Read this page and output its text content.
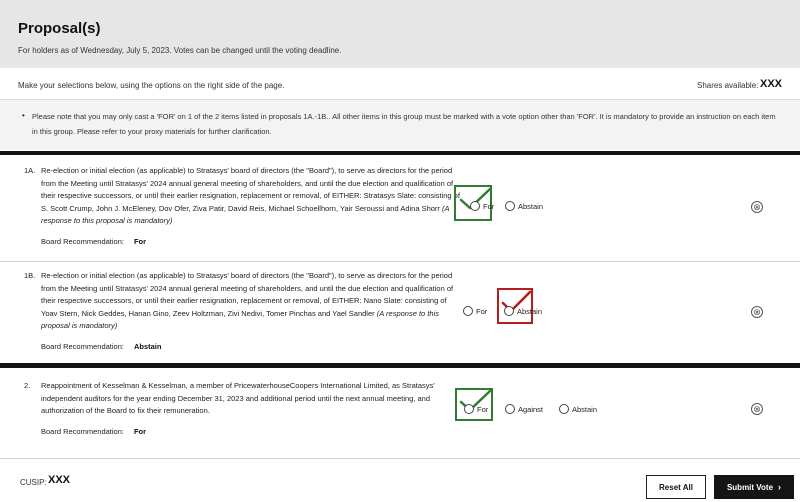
Proposal(s)
For holders as of Wednesday, July 5, 2023. Votes can be changed until the voting deadline.
Make your selections below, using the options on the right side of the page.	Shares available: XXX
• Please note that you may only cast a 'FOR' on 1 of the 2 items listed in proposals 1A.-1B.. All other items in this group must be marked with a vote option other than 'FOR'. It is mandatory to provide an instruction on each item in this group. Please refer to your proxy materials for further clarification.
1A. Re-election or initial election (as applicable) to Stratasys' board of directors (the "Board"), to serve as directors for the period from the Meeting until Stratasys' 2024 annual general meeting of shareholders, and until the due election and qualification of their respective successors, or until their earlier resignation, replacement or removal, of EITHER: Stratasys Slate: consisting of S. Scott Crump, John J. McEleney, Dov Ofer, Ziva Patir, David Reis, Michael Schoellhorn, Yair Seroussi and Adina Shorr (A response to this proposal is mandatory)
Board Recommendation: For
For	Abstain	⊗
1B. Re-election or initial election (as applicable) to Stratasys' board of directors (the "Board"), to serve as directors for the period from the Meeting until Stratasys' 2024 annual general meeting of shareholders, and until the due election and qualification of their respective successors, or until their earlier resignation, replacement or removal, of EITHER: Nano Slate: consisting of Yoav Stern, Nick Geddes, Hanan Gino, Zeev Holtzman, Zivi Nedivi, Tomer Pinchas and Yael Sandler (A response to this proposal is mandatory)
Board Recommendation: Abstain
For	Abstain	⊗
2. Reappointment of Kesselman & Kesselman, a member of PricewaterhouseCoopers International Limited, as Stratasys' independent auditors for the year ending December 31, 2023 and additional period until the next annual meeting, and authorization of the Board to fix their remuneration.
Board Recommendation: For
For	Against	Abstain	⊗
CUSIP: XXX
Reset All	Submit Vote ›
